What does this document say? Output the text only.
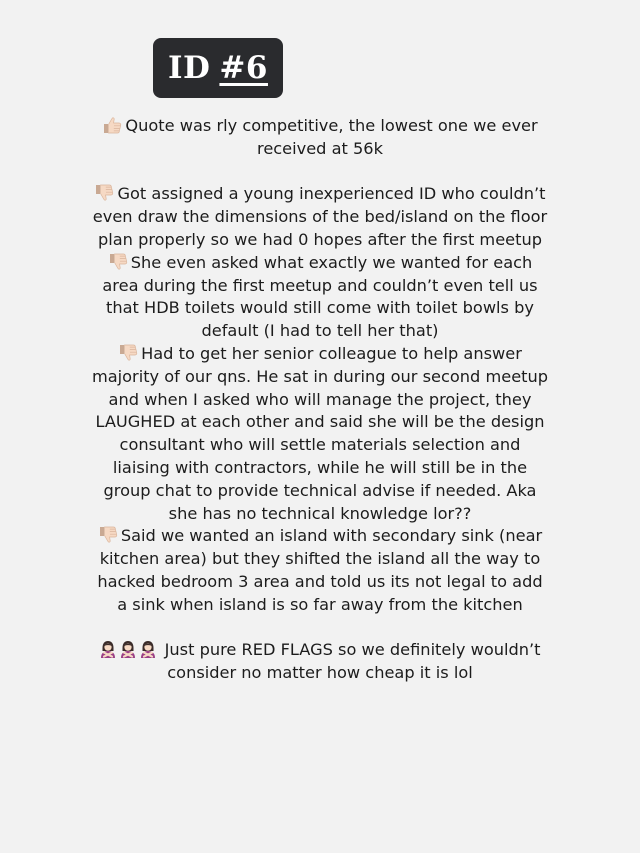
ID #6

Quote was rly competitive, the lowest one we ever received at 56k

Got assigned a young inexperienced ID who couldn’t even draw the dimensions of the bed/island on the floor plan properly so we had 0 hopes after the first meetup

She even asked what exactly we wanted for each area during the first meetup and couldn’t even tell us that HDB toilets would still come with toilet bowls by default (I had to tell her that)

Had to get her senior colleague to help answer majority of our qns. He sat in during our second meetup and when I asked who will manage the project, they LAUGHED at each other and said she will be the design consultant who will settle materials selection and liaising with contractors, while he will still be in the group chat to provide technical advise if needed. Aka she has no technical knowledge lor??

Said we wanted an island with secondary sink (near kitchen area) but they shifted the island all the way to hacked bedroom 3 area and told us its not legal to add a sink when island is so far away from the kitchen

Just pure RED FLAGS so we definitely wouldn’t consider no matter how cheap it is lol
